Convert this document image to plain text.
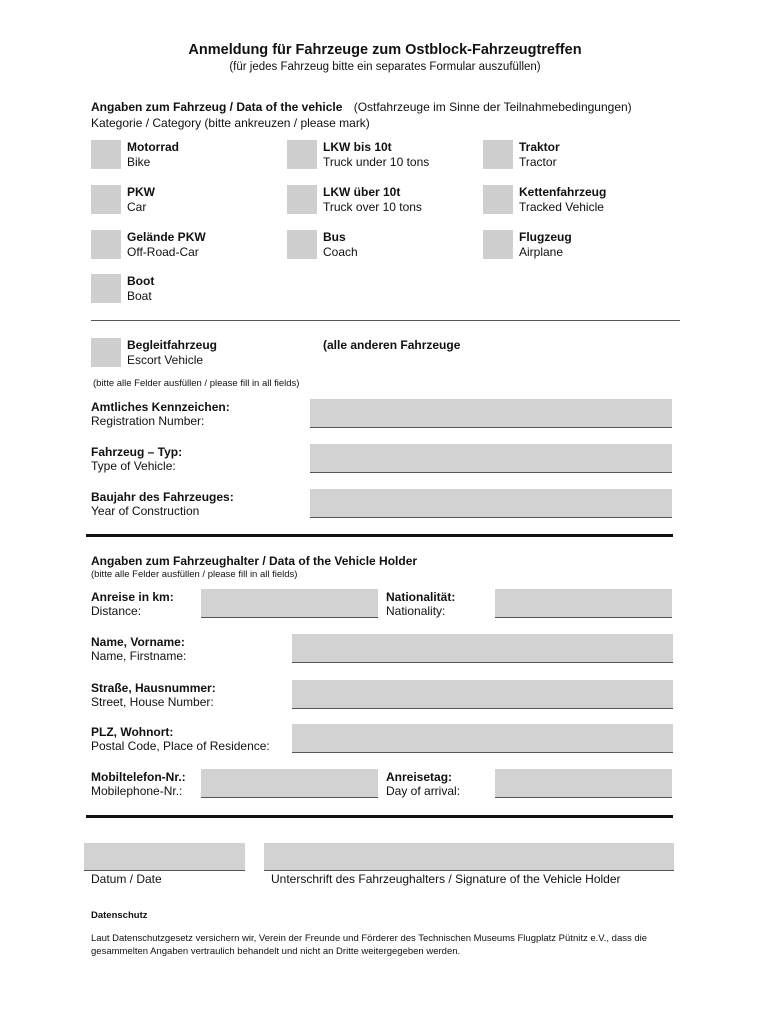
Anmeldung für Fahrzeuge zum Ostblock-Fahrzeugtreffen
(für jedes Fahrzeug bitte ein separates Formular auszufüllen)
Angaben zum Fahrzeug / Data of the vehicle (Ostfahrzeuge im Sinne der Teilnahmebedingungen)
Kategorie / Category (bitte ankreuzen / please mark)
Motorrad
Bike
LKW bis 10t
Truck under 10 tons
Traktor
Tractor
PKW
Car
LKW über 10t
Truck over 10 tons
Kettenfahrzeug
Tracked Vehicle
Gelände PKW
Off-Road-Car
Bus
Coach
Flugzeug
Airplane
Boot
Boat
Begleitfahrzeug
Escort Vehicle
(alle anderen Fahrzeuge
(bitte alle Felder ausfüllen / please fill in all fields)
Amtliches Kennzeichen:
Registration Number:
Fahrzeug – Typ:
Type of Vehicle:
Baujahr des Fahrzeuges:
Year of Construction
Angaben zum Fahrzeughalter / Data of the Vehicle Holder
(bitte alle Felder ausfüllen / please fill in all fields)
Anreise in km:
Distance:
Nationalität:
Nationality:
Name, Vorname:
Name, Firstname:
Straße, Hausnummer:
Street, House Number:
PLZ, Wohnort:
Postal Code, Place of Residence:
Mobiltelefon-Nr.:
Mobilephone-Nr.:
Anreisetag:
Day of arrival:
Datum / Date	Unterschrift des Fahrzeughalters / Signature of the Vehicle Holder
Datenschutz
Laut Datenschutzgesetz versichern wir, Verein der Freunde und Förderer des Technischen Museums Flugplatz Pütnitz e.V., dass die gesammelten Angaben vertraulich behandelt und nicht an Dritte weitergegeben werden.
